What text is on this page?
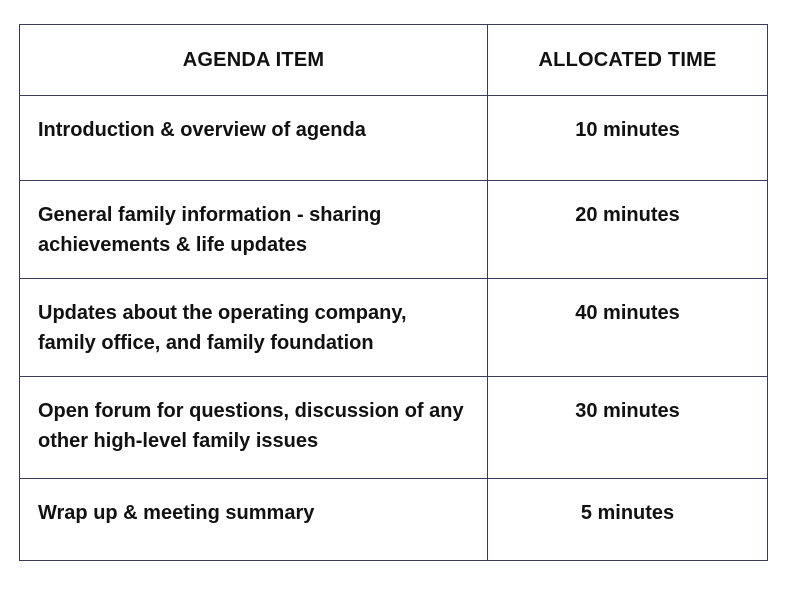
AGENDA ITEM	ALLOCATED TIME
Introduction & overview of agenda	10 minutes
General family information - sharing achievements & life updates	20 minutes
Updates about the operating company, family office, and family foundation	40 minutes
Open forum for questions, discussion of any other high-level family issues	30 minutes
Wrap up & meeting summary	5 minutes
